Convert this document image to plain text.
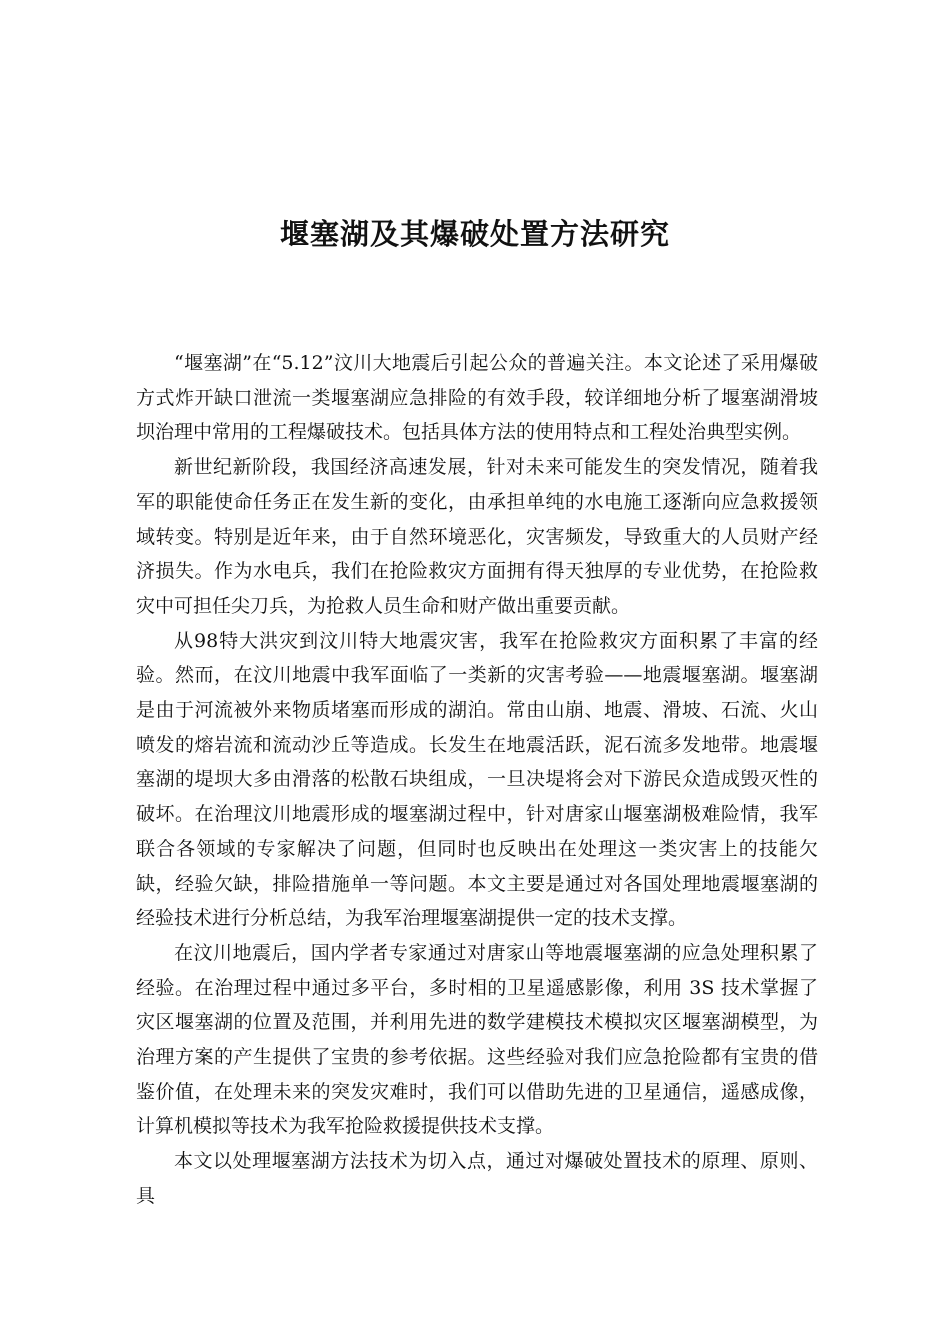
堰塞湖及其爆破处置方法研究

“堰塞湖”在“5.12”汶川大地震后引起公众的普遍关注。本文论述了采用爆破方式炸开缺口泄流一类堰塞湖应急排险的有效手段，较详细地分析了堰塞湖滑坡坝治理中常用的工程爆破技术。包括具体方法的使用特点和工程处治典型实例。

新世纪新阶段，我国经济高速发展，针对未来可能发生的突发情况，随着我军的职能使命任务正在发生新的变化，由承担单纯的水电施工逐渐向应急救援领域转变。特别是近年来，由于自然环境恶化，灾害频发，导致重大的人员财产经济损失。作为水电兵，我们在抢险救灾方面拥有得天独厚的专业优势，在抢险救灾中可担任尖刀兵，为抢救人员生命和财产做出重要贡献。

从98特大洪灾到汶川特大地震灾害，我军在抢险救灾方面积累了丰富的经验。然而，在汶川地震中我军面临了一类新的灾害考验——地震堰塞湖。堰塞湖是由于河流被外来物质堵塞而形成的湖泊。常由山崩、地震、滑坡、石流、火山喷发的熔岩流和流动沙丘等造成。长发生在地震活跃，泥石流多发地带。地震堰塞湖的堤坝大多由滑落的松散石块组成，一旦决堤将会对下游民众造成毁灭性的破坏。在治理汶川地震形成的堰塞湖过程中，针对唐家山堰塞湖极难险情，我军联合各领域的专家解决了问题，但同时也反映出在处理这一类灾害上的技能欠缺，经验欠缺，排险措施单一等问题。本文主要是通过对各国处理地震堰塞湖的经验技术进行分析总结，为我军治理堰塞湖提供一定的技术支撑。

在汶川地震后，国内学者专家通过对唐家山等地震堰塞湖的应急处理积累了经验。在治理过程中通过多平台，多时相的卫星遥感影像，利用 3S 技术掌握了灾区堰塞湖的位置及范围，并利用先进的数学建模技术模拟灾区堰塞湖模型，为治理方案的产生提供了宝贵的参考依据。这些经验对我们应急抢险都有宝贵的借鉴价值，在处理未来的突发灾难时，我们可以借助先进的卫星通信，遥感成像，计算机模拟等技术为我军抢险救援提供技术支撑。

本文以处理堰塞湖方法技术为切入点，通过对爆破处置技术的原理、原则、具
